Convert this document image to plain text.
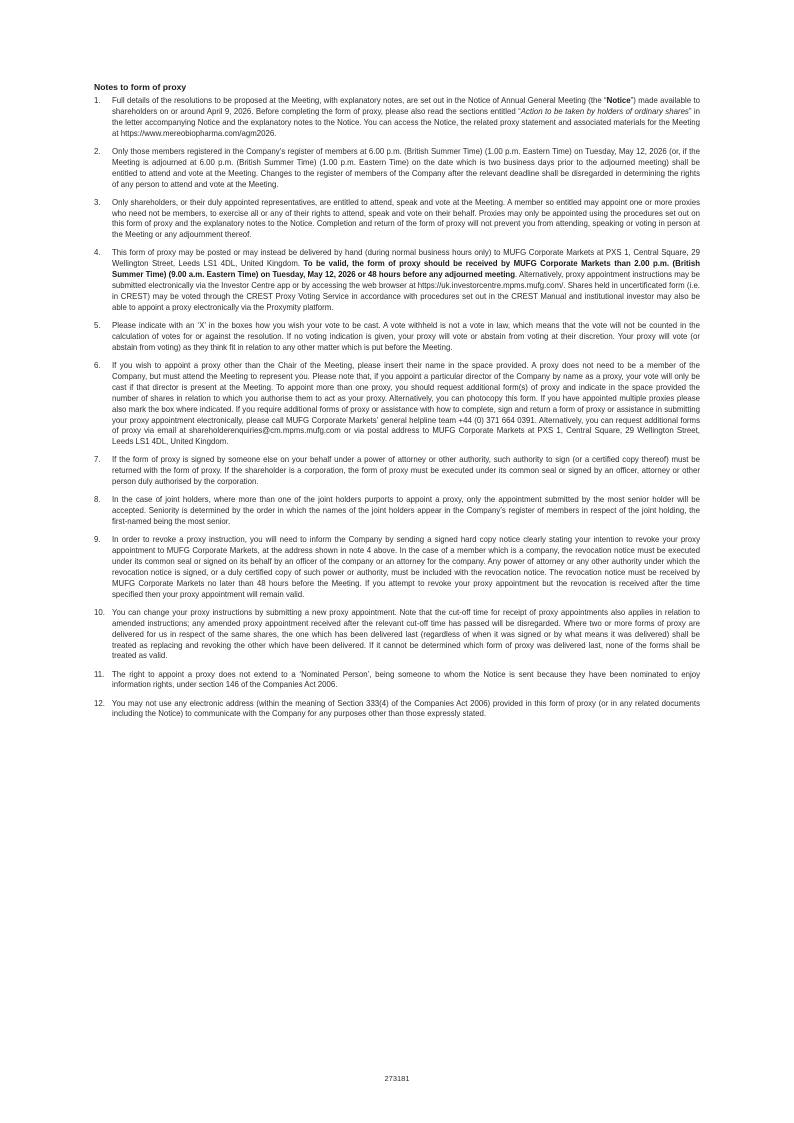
Notes to form of proxy
1. Full details of the resolutions to be proposed at the Meeting, with explanatory notes, are set out in the Notice of Annual General Meeting (the “Notice”) made available to shareholders on or around April 9, 2026. Before completing the form of proxy, please also read the sections entitled “Action to be taken by holders of ordinary shares” in the letter accompanying Notice and the explanatory notes to the Notice. You can access the Notice, the related proxy statement and associated materials for the Meeting at https://www.mereobiopharma.com/agm2026.
2. Only those members registered in the Company’s register of members at 6.00 p.m. (British Summer Time) (1.00 p.m. Eastern Time) on Tuesday, May 12, 2026 (or, if the Meeting is adjourned at 6.00 p.m. (British Summer Time) (1.00 p.m. Eastern Time) on the date which is two business days prior to the adjourned meeting) shall be entitled to attend and vote at the Meeting. Changes to the register of members of the Company after the relevant deadline shall be disregarded in determining the rights of any person to attend and vote at the Meeting.
3. Only shareholders, or their duly appointed representatives, are entitled to attend, speak and vote at the Meeting. A member so entitled may appoint one or more proxies who need not be members, to exercise all or any of their rights to attend, speak and vote on their behalf. Proxies may only be appointed using the procedures set out on this form of proxy and the explanatory notes to the Notice. Completion and return of the form of proxy will not prevent you from attending, speaking or voting in person at the Meeting or any adjournment thereof.
4. This form of proxy may be posted or may instead be delivered by hand (during normal business hours only) to MUFG Corporate Markets at PXS 1, Central Square, 29 Wellington Street, Leeds LS1 4DL, United Kingdom. To be valid, the form of proxy should be received by MUFG Corporate Markets than 2.00 p.m. (British Summer Time) (9.00 a.m. Eastern Time) on Tuesday, May 12, 2026 or 48 hours before any adjourned meeting. Alternatively, proxy appointment instructions may be submitted electronically via the Investor Centre app or by accessing the web browser at https://uk.investorcentre.mpms.mufg.com/. Shares held in uncertificated form (i.e. in CREST) may be voted through the CREST Proxy Voting Service in accordance with procedures set out in the CREST Manual and institutional investor may also be able to appoint a proxy electronically via the Proxymity platform.
5. Please indicate with an ‘X’ in the boxes how you wish your vote to be cast. A vote withheld is not a vote in law, which means that the vote will not be counted in the calculation of votes for or against the resolution. If no voting indication is given, your proxy will vote or abstain from voting at their discretion. Your proxy will vote (or abstain from voting) as they think fit in relation to any other matter which is put before the Meeting.
6. If you wish to appoint a proxy other than the Chair of the Meeting, please insert their name in the space provided. A proxy does not need to be a member of the Company, but must attend the Meeting to represent you. Please note that, if you appoint a particular director of the Company by name as a proxy, your vote will only be cast if that director is present at the Meeting. To appoint more than one proxy, you should request additional form(s) of proxy and indicate in the space provided the number of shares in relation to which you authorise them to act as your proxy. Alternatively, you can photocopy this form. If you have appointed multiple proxies please also mark the box where indicated. If you require additional forms of proxy or assistance with how to complete, sign and return a form of proxy or assistance in submitting your proxy appointment electronically, please call MUFG Corporate Markets’ general helpline team +44 (0) 371 664 0391. Alternatively, you can request additional forms of proxy via email at shareholderenquiries@cm.mpms.mufg.com or via postal address to MUFG Corporate Markets at PXS 1, Central Square, 29 Wellington Street, Leeds LS1 4DL, United Kingdom.
7. If the form of proxy is signed by someone else on your behalf under a power of attorney or other authority, such authority to sign (or a certified copy thereof) must be returned with the form of proxy. If the shareholder is a corporation, the form of proxy must be executed under its common seal or signed by an officer, attorney or other person duly authorised by the corporation.
8. In the case of joint holders, where more than one of the joint holders purports to appoint a proxy, only the appointment submitted by the most senior holder will be accepted. Seniority is determined by the order in which the names of the joint holders appear in the Company’s register of members in respect of the joint holding, the first-named being the most senior.
9. In order to revoke a proxy instruction, you will need to inform the Company by sending a signed hard copy notice clearly stating your intention to revoke your proxy appointment to MUFG Corporate Markets, at the address shown in note 4 above. In the case of a member which is a company, the revocation notice must be executed under its common seal or signed on its behalf by an officer of the company or an attorney for the company. Any power of attorney or any other authority under which the revocation notice is signed, or a duly certified copy of such power or authority, must be included with the revocation notice. The revocation notice must be received by MUFG Corporate Markets no later than 48 hours before the Meeting. If you attempt to revoke your proxy appointment but the revocation is received after the time specified then your proxy appointment will remain valid.
10. You can change your proxy instructions by submitting a new proxy appointment. Note that the cut-off time for receipt of proxy appointments also applies in relation to amended instructions; any amended proxy appointment received after the relevant cut-off time has passed will be disregarded. Where two or more forms of proxy are delivered for us in respect of the same shares, the one which has been delivered last (regardless of when it was signed or by what means it was delivered) shall be treated as replacing and revoking the other which have been delivered. If it cannot be determined which form of proxy was delivered last, none of the forms shall be treated as valid.
11. The right to appoint a proxy does not extend to a ‘Nominated Person’, being someone to whom the Notice is sent because they have been nominated to enjoy information rights, under section 146 of the Companies Act 2006.
12. You may not use any electronic address (within the meaning of Section 333(4) of the Companies Act 2006) provided in this form of proxy (or in any related documents including the Notice) to communicate with the Company for any purposes other than those expressly stated.
273181
